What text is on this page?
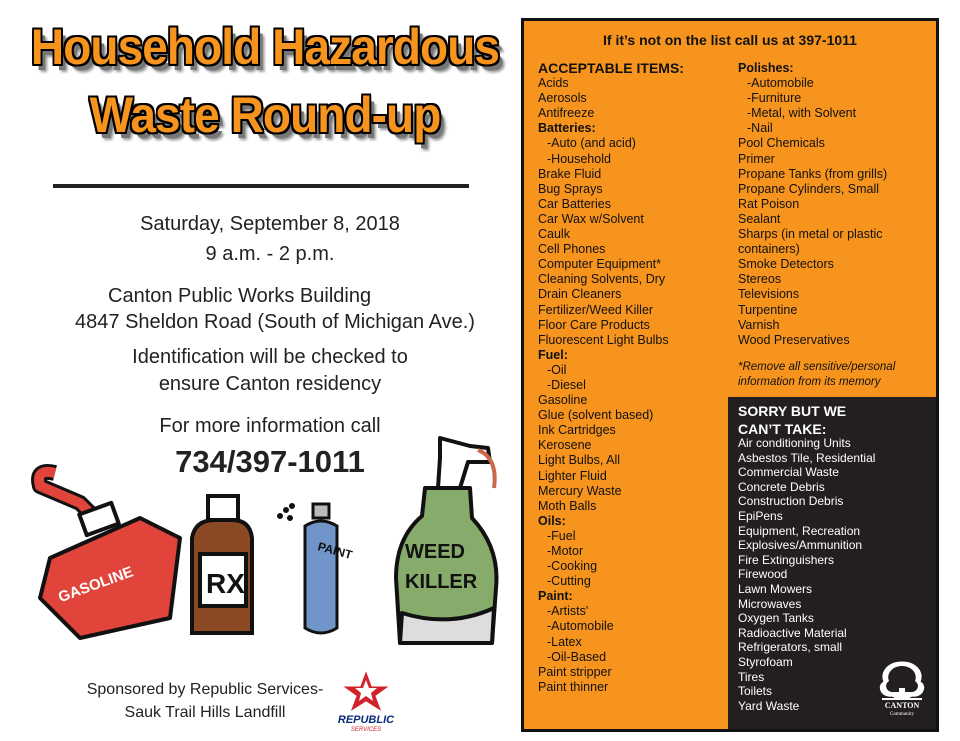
Household Hazardous
Waste Round-up
Saturday, September 8, 2018
9 a.m. - 2 p.m.
Canton Public Works Building
4847 Sheldon Road (South of Michigan Ave.)
Identification will be checked to
ensure Canton residency
For more information call
734/397-1011
GASOLINE	RX
PAINT	WEED
KILLER
Sponsored by Republic Services-
Sauk Trail Hills Landfill	REPUBLIC
SERVICES
If it’s not on the list call us at 397-1011
ACCEPTABLE ITEMS:
Acids
Aerosols
Antifreeze
Batteries:
-Auto (and acid)
-Household
Brake Fluid
Bug Sprays
Car Batteries
Car Wax w/Solvent
Caulk
Cell Phones
Computer Equipment*
Cleaning Solvents, Dry
Drain Cleaners
Fertilizer/Weed Killer
Floor Care Products
Fluorescent Light Bulbs
Fuel:
-Oil
-Diesel
Gasoline
Glue (solvent based)
Ink Cartridges
Kerosene
Light Bulbs, All
Lighter Fluid
Mercury Waste
Moth Balls
Oils:
-Fuel
-Motor
-Cooking
-Cutting
Paint:
-Artists'
-Automobile
-Latex
-Oil-Based
Paint stripper
Paint thinner
Polishes:
-Automobile
-Furniture
-Metal, with Solvent
-Nail
Pool Chemicals
Primer
Propane Tanks (from grills)
Propane Cylinders, Small
Rat Poison
Sealant
Sharps (in metal or plastic
containers)
Smoke Detectors
Stereos
Televisions
Turpentine
Varnish
Wood Preservatives
*Remove all sensitive/personal
information from its memory
SORRY BUT WE
CAN’T TAKE:
Air conditioning Units
Asbestos Tile, Residential
Commercial Waste
Concrete Debris
Construction Debris
EpiPens
Equipment, Recreation
Explosives/Ammunition
Fire Extinguishers
Firewood
Lawn Mowers
Microwaves
Oxygen Tanks
Radioactive Material
Refrigerators, small
Styrofoam
Tires
Toilets
Yard Waste	CANTON
Community
